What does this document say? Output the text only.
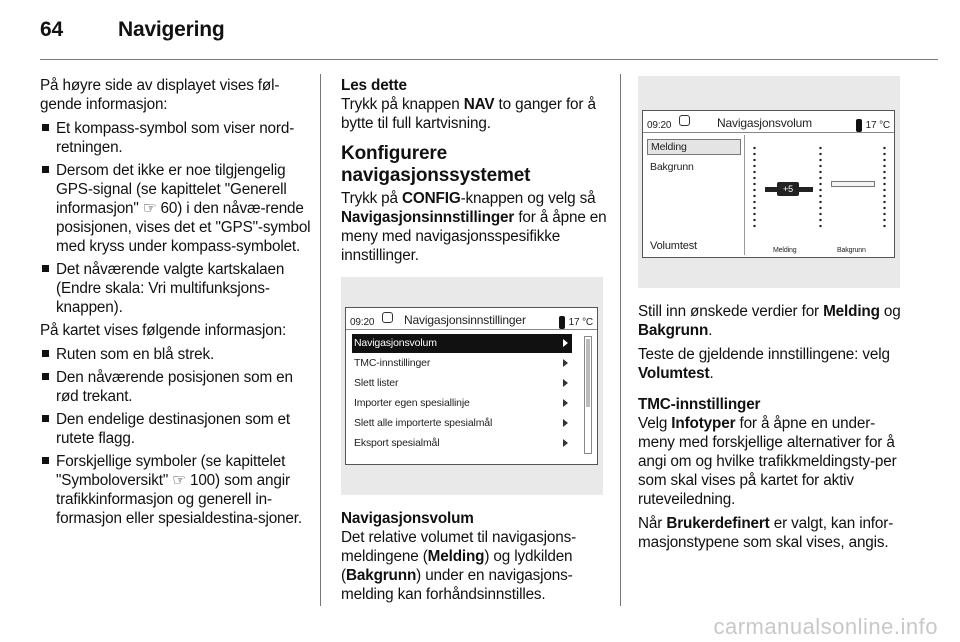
64	Navigering

På høyre side av displayet vises føl-gende informasjon:

Et kompass-symbol som viser nord-retningen.
Dersom det ikke er noe tilgjengelig GPS-signal (se kapittelet "Generell informasjon" ☞ 60) i den nåvæ-rende posisjonen, vises det et "GPS"-symbol med kryss under kompass-symbolet.
Det nåværende valgte kartskalaen (Endre skala: Vri multifunksjons-knappen).

På kartet vises følgende informasjon:

Ruten som en blå strek.
Den nåværende posisjonen som en rød trekant.
Den endelige destinasjonen som et rutete flagg.
Forskjellige symboler (se kapittelet "Symboloversikt" ☞ 100) som angir trafikkinformasjon og generell in-formasjon eller spesialdestina-sjoner.
Les dette

Trykk på knappen NAV to ganger for å bytte til full kartvisning.

Konfigurere navigasjonssystemet

Trykk på CONFIG-knappen og velg så Navigasjonsinnstillinger for å åpne en meny med navigasjonsspesifikke innstillinger.

09:20 Navigasjonsinnstillinger	17 °C
Navigasjonsvolum
TMC-innstillinger
Slett lister
Importer egen spesiallinje
Slett alle importerte spesialmål
Eksport spesialmål
Navigasjonsvolum

Det relative volumet til navigasjons-meldingene (Melding) og lydkilden (Bakgrunn) under en navigasjons-melding kan forhåndsinnstilles.

09:20	Navigasjonsvolum	17 °C
Melding
Bakgrunn
Volumtest
+5
Melding	Bakgrunn

Still inn ønskede verdier for Melding og Bakgrunn.

Teste de gjeldende innstillingene: velg Volumtest.

TMC-innstillinger

Velg Infotyper for å åpne en under-meny med forskjellige alternativer for å angi om og hvilke trafikkmeldingsty-per som skal vises på kartet for aktiv ruteveiledning.

Når Brukerdefinert er valgt, kan infor-masjonstypene som skal vises, angis.

carmanualsonline.info
